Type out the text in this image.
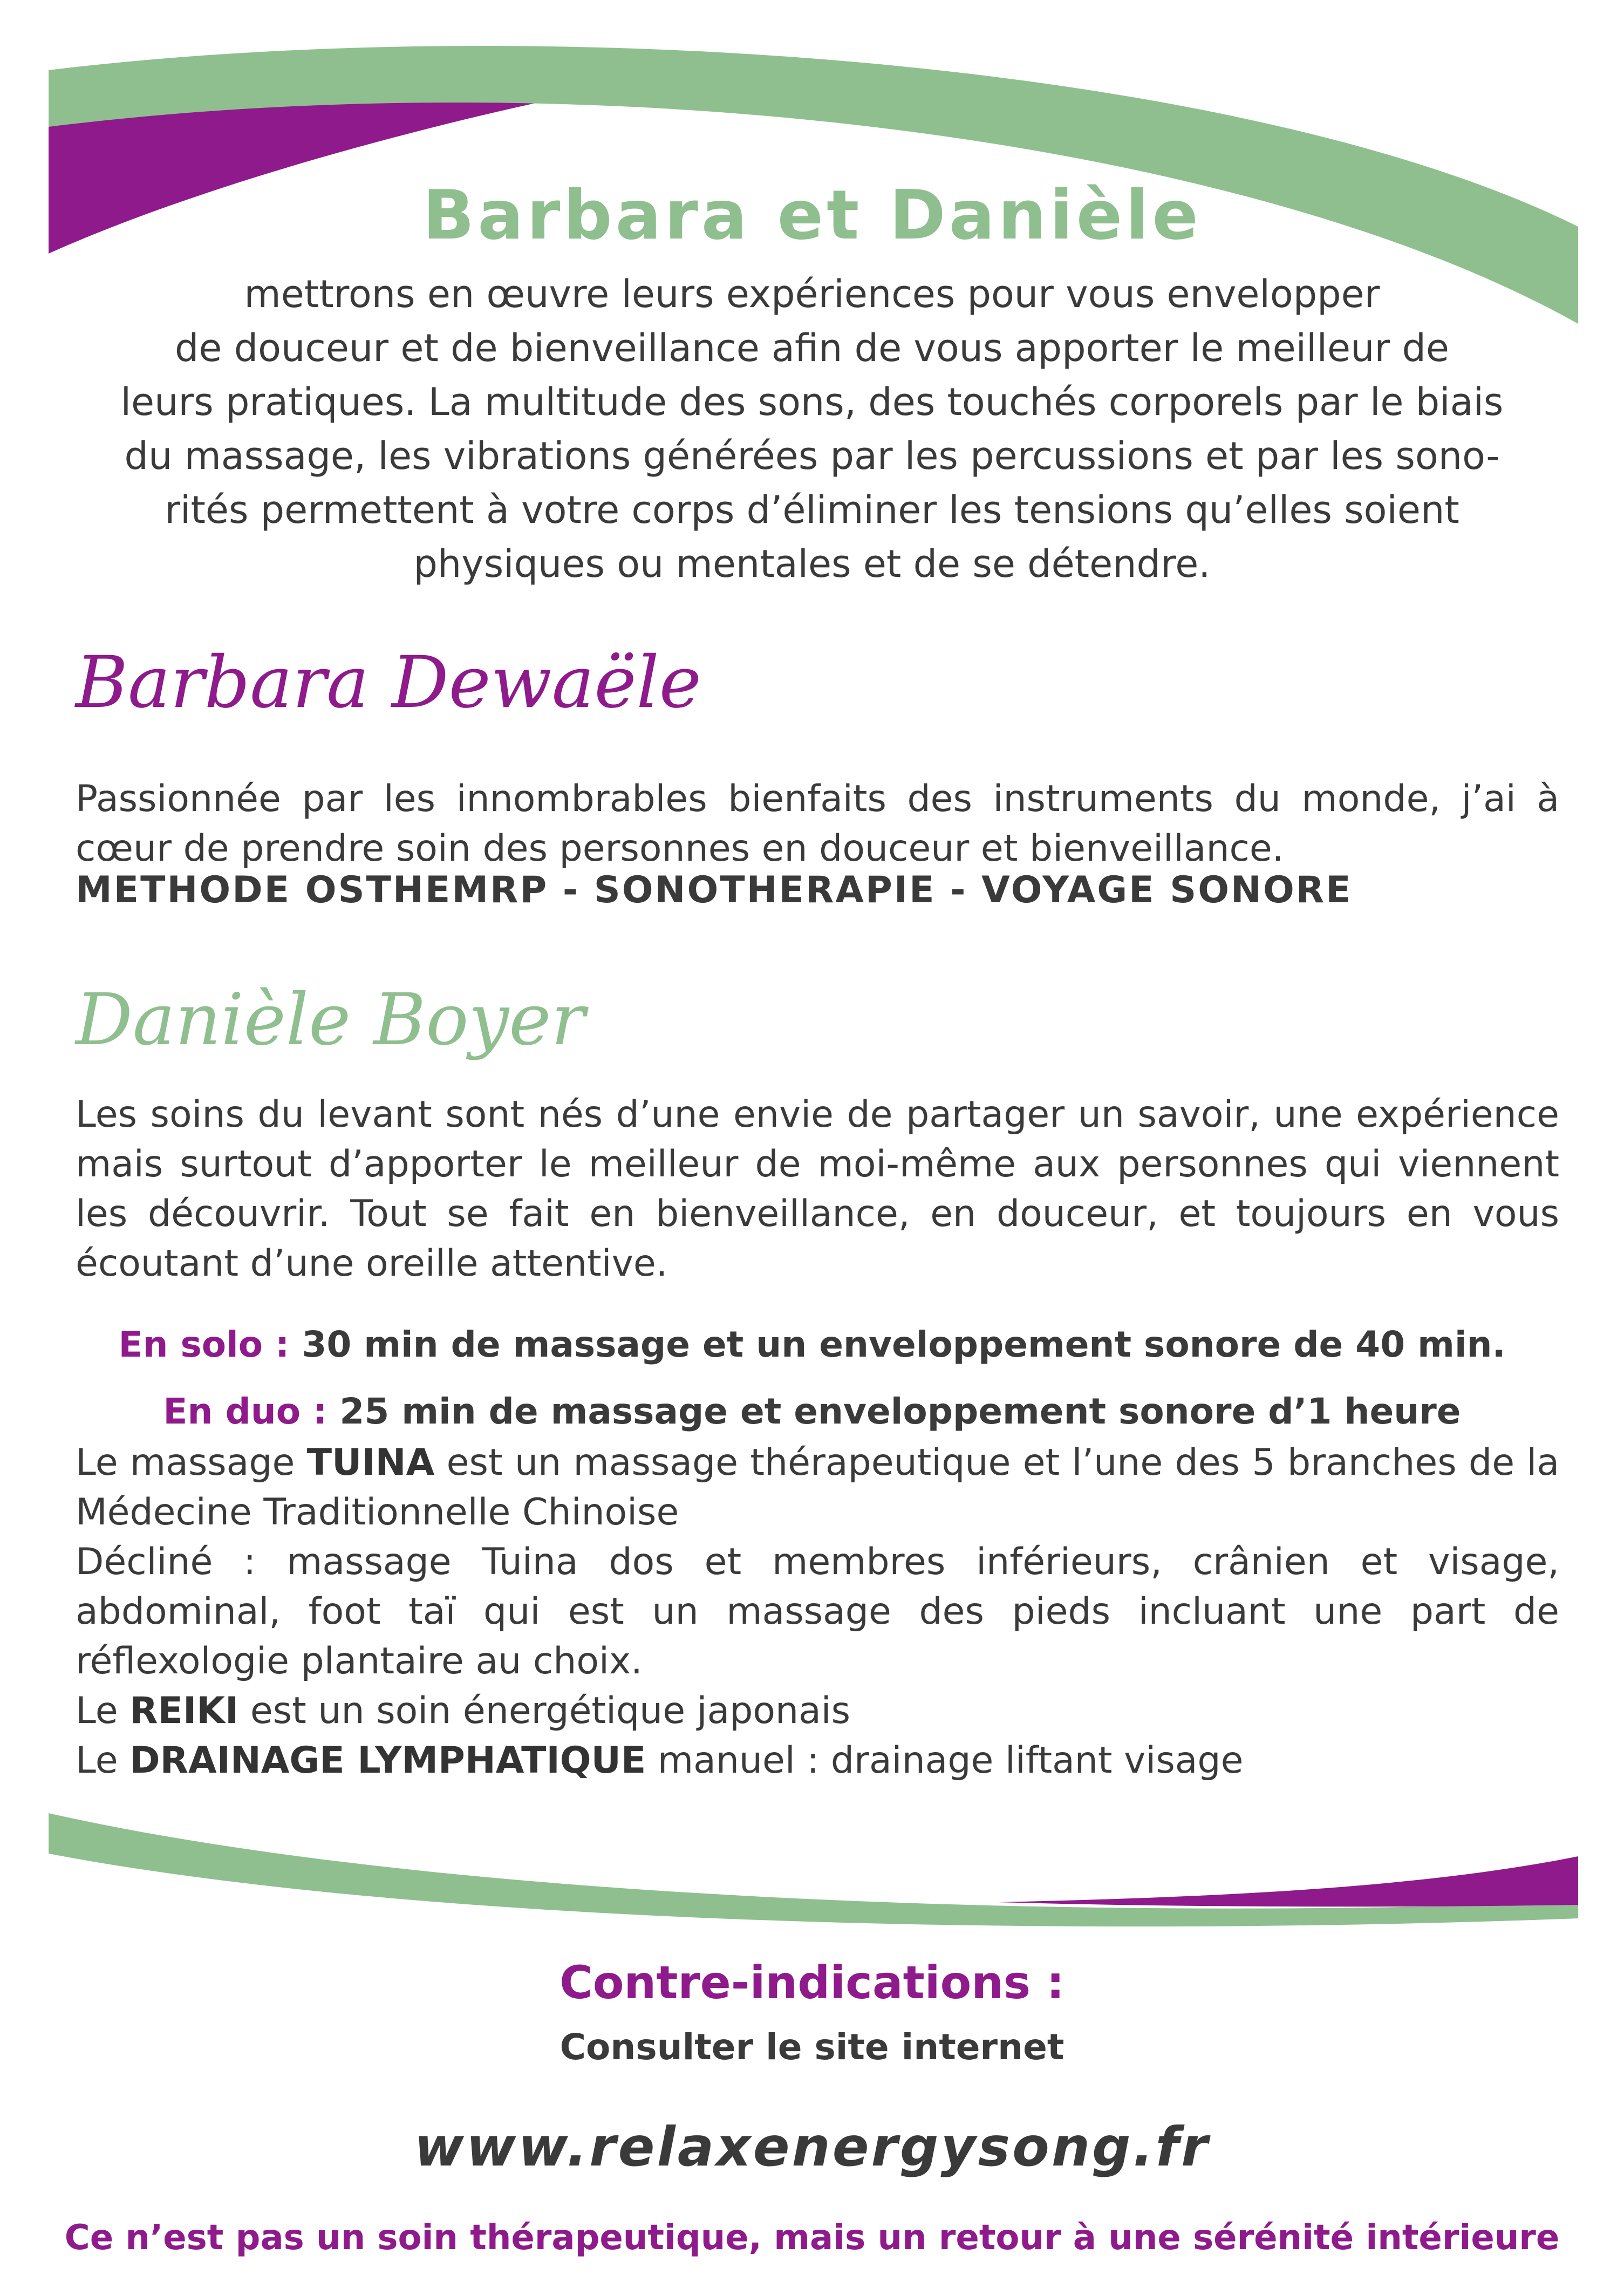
Barbara et Danièle
mettrons en œuvre leurs expériences pour vous envelopper
de douceur et de bienveillance afin de vous apporter le meilleur de
leurs pratiques. La multitude des sons, des touchés corporels par le biais
du massage, les vibrations générées par les percussions et par les sono-
rités permettent à votre corps d’éliminer les tensions qu’elles soient
physiques ou mentales et de se détendre.
Barbara Dewaële
Passionnée par les innombrables bienfaits des instruments du monde, j’ai à cœur de prendre soin des personnes en douceur et bienveillance.
METHODE OSTHEMRP - SONOTHERAPIE - VOYAGE SONORE
Danièle Boyer
Les soins du levant sont nés d’une envie de partager un savoir, une expérience mais surtout d’apporter le meilleur de moi-même aux personnes qui viennent les découvrir. Tout se fait en bienveillance, en douceur, et toujours en vous écoutant d’une oreille attentive.
En solo : 30 min de massage et un enveloppement sonore de 40 min.
En duo : 25 min de massage et enveloppement sonore d’1 heure
Le massage TUINA est un massage thérapeutique et l’une des 5 branches de la Médecine Traditionnelle Chinoise
Décliné : massage Tuina dos et membres inférieurs, crânien et visage, abdominal, foot taï qui est un massage des pieds incluant une part de réflexologie plantaire au choix.
Le REIKI est un soin énergétique japonais
Le DRAINAGE LYMPHATIQUE manuel : drainage liftant visage
Contre-indications :
Consulter le site internet
www.relaxenergysong.fr
Ce n’est pas un soin thérapeutique, mais un retour à une sérénité intérieure
